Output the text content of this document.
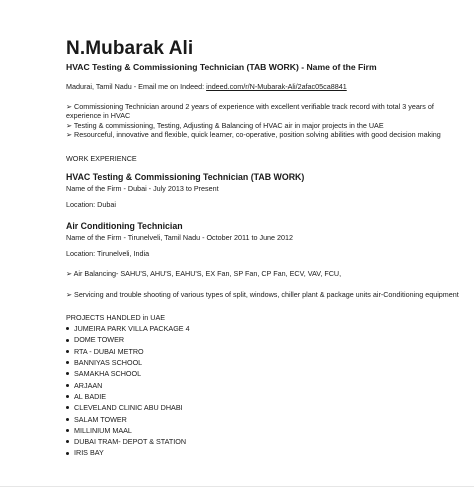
N.Mubarak Ali
HVAC Testing & Commissioning Technician (TAB WORK) - Name of the Firm
Madurai, Tamil Nadu - Email me on Indeed: indeed.com/r/N-Mubarak-Ali/2afac05ca8841
➢ Commissioning Technician around 2 years of experience with excellent verifiable track record with total 3 years of experience in HVAC
➢ Testing & commissioning, Testing, Adjusting & Balancing of HVAC air in major projects in the UAE
➢ Resourceful, innovative and flexible, quick learner, co-operative, position solving abilities with good decision making
WORK EXPERIENCE
HVAC Testing & Commissioning Technician (TAB WORK)
Name of the Firm - Dubai - July 2013 to Present
Location: Dubai
Air Conditioning Technician
Name of the Firm - Tirunelveli, Tamil Nadu - October 2011 to June 2012
Location: Tirunelveli, India
➢ Air Balancing- SAHU'S, AHU'S, EAHU'S, EX Fan, SP Fan, CP Fan, ECV, VAV, FCU,
➢ Servicing and trouble shooting of various types of split, windows, chiller plant & package units air-Conditioning equipment
PROJECTS HANDLED in UAE
JUMEIRA PARK VILLA PACKAGE 4
DOME TOWER
RTA - DUBAI METRO
BANNIYAS SCHOOL
SAMAKHA SCHOOL
ARJAAN
AL BADIE
CLEVELAND CLINIC ABU DHABI
SALAM TOWER
MILLINIUM MAAL
DUBAI TRAM- DEPOT & STATION
IRIS BAY
